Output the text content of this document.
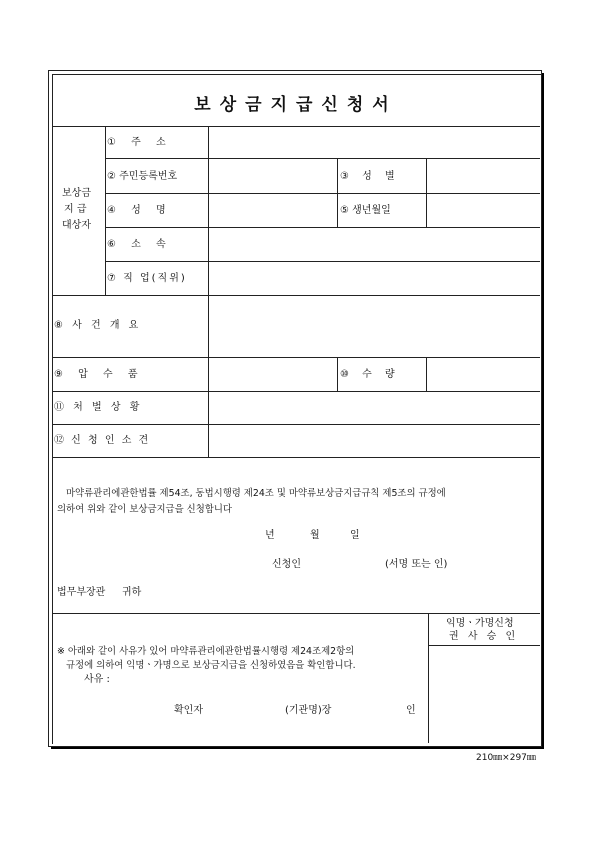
보상금지급신청서
보상금
지 급
대상자
① 주 소
② 주민등록번호	③ 성 별
④ 성 명	⑤ 생년월일
⑥ 소 속
⑦ 직 업(직위)
⑧ 사 건 개 요
⑨ 압 수 품	⑩ 수 량
⑪ 처 벌 상 황
⑫ 신 청 인 소 견
마약류관리에관한법률 제54조, 동법시행령 제24조 및 마약류보상금지급규칙 제5조의 규정에
의하여 위와 같이 보상금지급을 신청합니다
년	월	일
신청인	(서명 또는 인)
법무부장관 귀하
익명ㆍ가명신청
권 사 승 인
※ 아래와 같이 사유가 있어 마약류관리에관한법률시행령 제24조제2항의
규정에 의하여 익명ㆍ가명으로 보상금지급을 신청하였음을 확인합니다.
사유 :
확인자	(기관명)장	인
210㎜×297㎜
